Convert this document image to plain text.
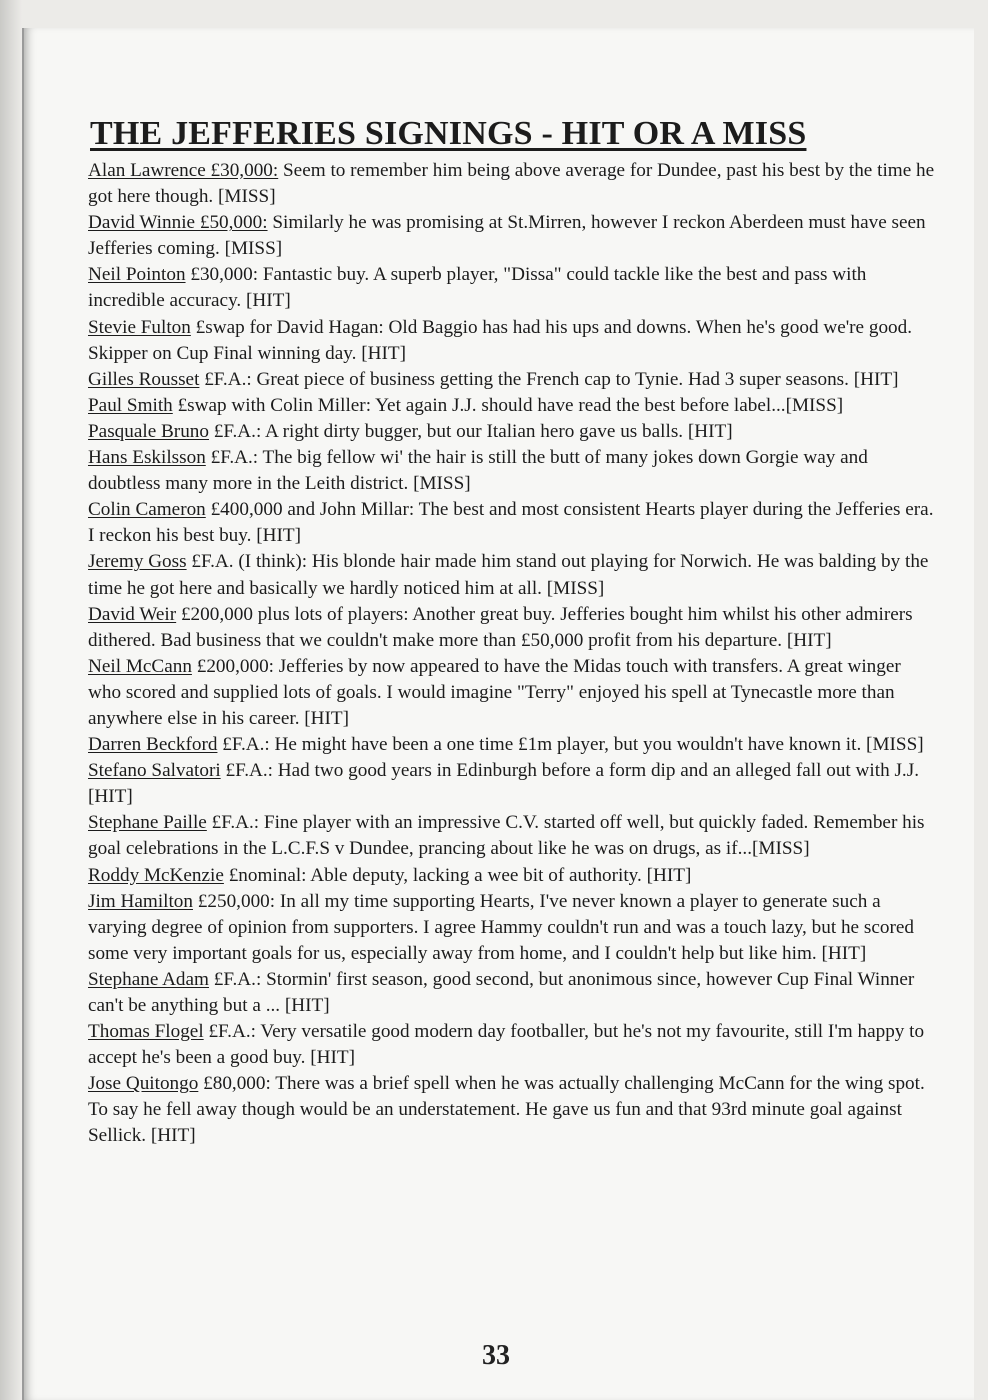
THE JEFFERIES SIGNINGS - HIT OR A MISS

Alan Lawrence £30,000: Seem to remember him being above average for Dundee, past his best by the time he got here though. [MISS]

David Winnie £50,000: Similarly he was promising at St.Mirren, however I reckon Aberdeen must have seen Jefferies coming. [MISS]

Neil Pointon £30,000: Fantastic buy. A superb player, "Dissa" could tackle like the best and pass with incredible accuracy. [HIT]

Stevie Fulton £swap for David Hagan: Old Baggio has had his ups and downs. When he's good we're good. Skipper on Cup Final winning day. [HIT]

Gilles Rousset £F.A.: Great piece of business getting the French cap to Tynie. Had 3 super seasons. [HIT]

Paul Smith £swap with Colin Miller: Yet again J.J. should have read the best before label...[MISS]

Pasquale Bruno £F.A.: A right dirty bugger, but our Italian hero gave us balls. [HIT]

Hans Eskilsson £F.A.: The big fellow wi' the hair is still the butt of many jokes down Gorgie way and doubtless many more in the Leith district. [MISS]

Colin Cameron £400,000 and John Millar: The best and most consistent Hearts player during the Jefferies era. I reckon his best buy. [HIT]

Jeremy Goss £F.A. (I think): His blonde hair made him stand out playing for Norwich. He was balding by the time he got here and basically we hardly noticed him at all. [MISS]

David Weir £200,000 plus lots of players: Another great buy. Jefferies bought him whilst his other admirers dithered. Bad business that we couldn't make more than £50,000 profit from his departure. [HIT]

Neil McCann £200,000: Jefferies by now appeared to have the Midas touch with transfers. A great winger who scored and supplied lots of goals. I would imagine "Terry" enjoyed his spell at Tynecastle more than anywhere else in his career. [HIT]

Darren Beckford £F.A.: He might have been a one time £1m player, but you wouldn't have known it. [MISS]

Stefano Salvatori £F.A.: Had two good years in Edinburgh before a form dip and an alleged fall out with J.J. [HIT]

Stephane Paille £F.A.: Fine player with an impressive C.V. started off well, but quickly faded. Remember his goal celebrations in the L.C.F.S v Dundee, prancing about like he was on drugs, as if...[MISS]

Roddy McKenzie £nominal: Able deputy, lacking a wee bit of authority. [HIT]

Jim Hamilton £250,000: In all my time supporting Hearts, I've never known a player to generate such a varying degree of opinion from supporters. I agree Hammy couldn't run and was a touch lazy, but he scored some very important goals for us, especially away from home, and I couldn't help but like him. [HIT]

Stephane Adam £F.A.: Stormin' first season, good second, but anonimous since, however Cup Final Winner can't be anything but a ... [HIT]

Thomas Flogel £F.A.: Very versatile good modern day footballer, but he's not my favourite, still I'm happy to accept he's been a good buy. [HIT]

Jose Quitongo £80,000: There was a brief spell when he was actually challenging McCann for the wing spot. To say he fell away though would be an understatement. He gave us fun and that 93rd minute goal against Sellick. [HIT]

33
